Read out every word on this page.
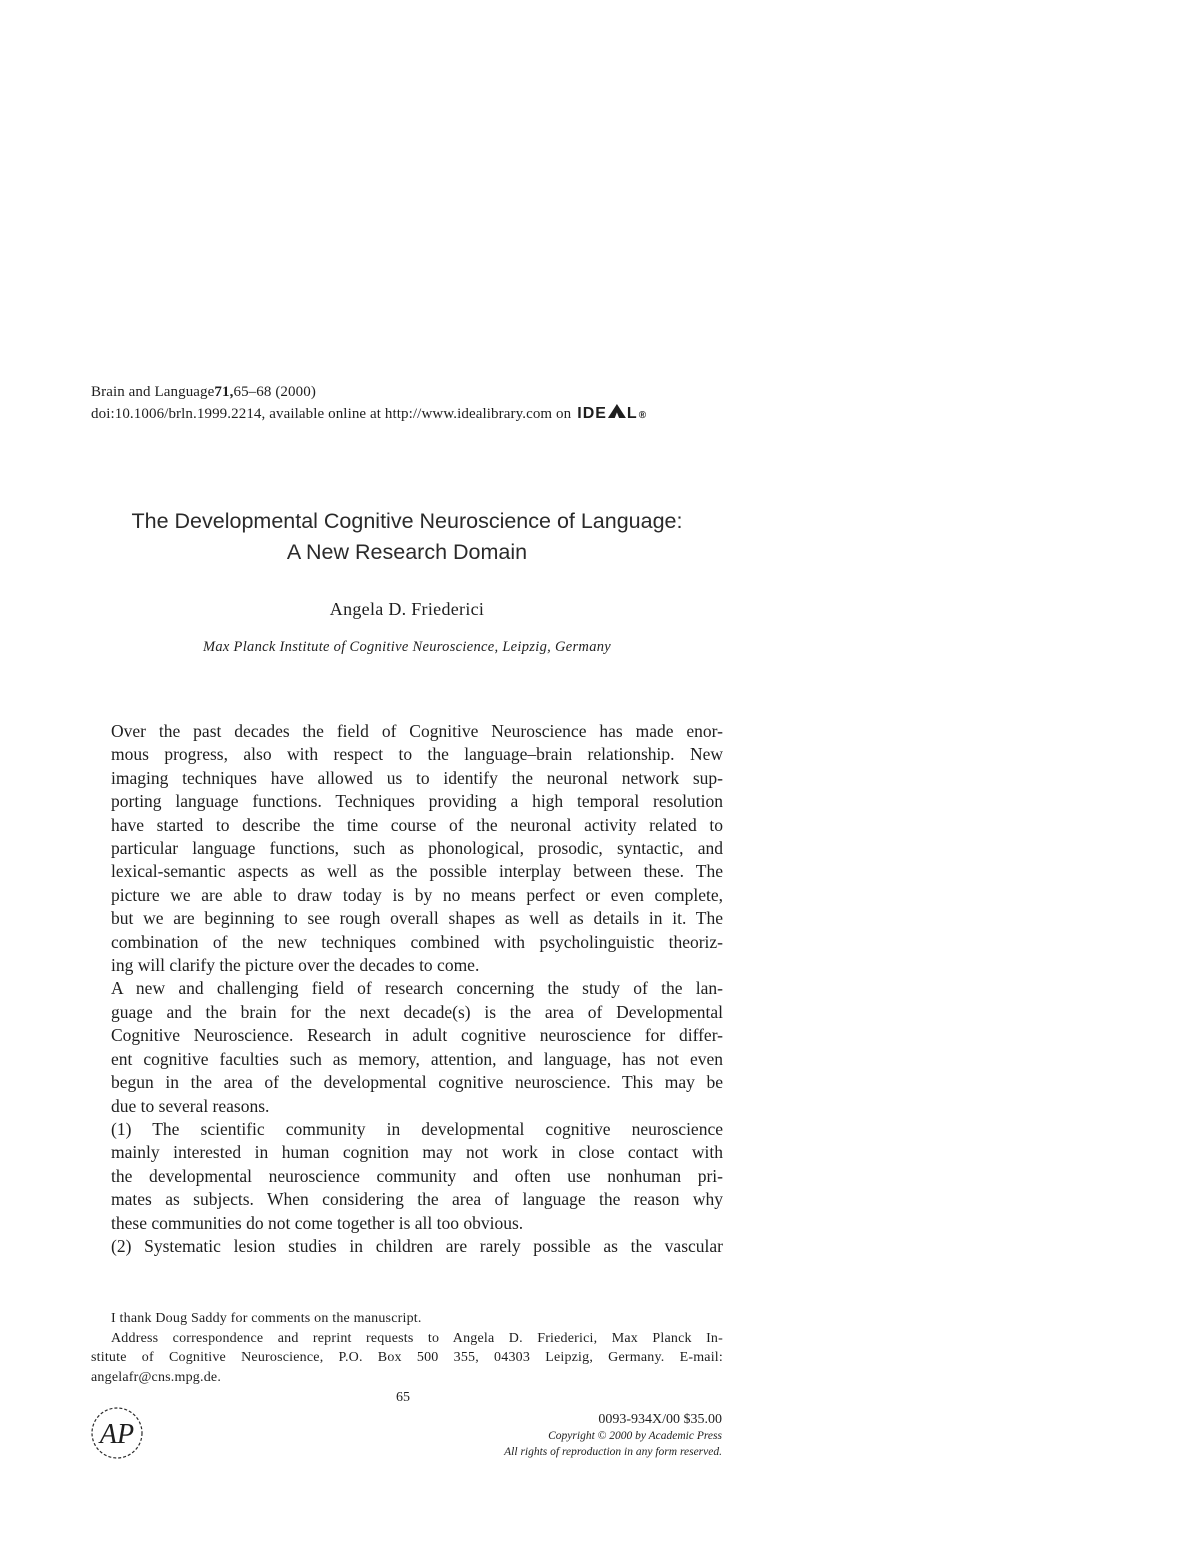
Brain and Language 71, 65–68 (2000)
doi:10.1006/brln.1999.2214, available online at http://www.idealibrary.com on IDE L ®
The Developmental Cognitive Neuroscience of Language:
A New Research Domain
Angela D. Friederici
Max Planck Institute of Cognitive Neuroscience, Leipzig, Germany
Over the past decades the field of Cognitive Neuroscience has made enor-
mous progress, also with respect to the language–brain relationship. New
imaging techniques have allowed us to identify the neuronal network sup-
porting language functions. Techniques providing a high temporal resolution
have started to describe the time course of the neuronal activity related to
particular language functions, such as phonological, prosodic, syntactic, and
lexical-semantic aspects as well as the possible interplay between these. The
picture we are able to draw today is by no means perfect or even complete,
but we are beginning to see rough overall shapes as well as details in it. The
combination of the new techniques combined with psycholinguistic theoriz-
ing will clarify the picture over the decades to come.
A new and challenging field of research concerning the study of the lan-
guage and the brain for the next decade(s) is the area of Developmental
Cognitive Neuroscience. Research in adult cognitive neuroscience for differ-
ent cognitive faculties such as memory, attention, and language, has not even
begun in the area of the developmental cognitive neuroscience. This may be
due to several reasons.
(1) The scientific community in developmental cognitive neuroscience
mainly interested in human cognition may not work in close contact with
the developmental neuroscience community and often use nonhuman pri-
mates as subjects. When considering the area of language the reason why
these communities do not come together is all too obvious.
(2) Systematic lesion studies in children are rarely possible as the vascular
I thank Doug Saddy for comments on the manuscript.
Address correspondence and reprint requests to Angela D. Friederici, Max Planck In-
stitute of Cognitive Neuroscience, P.O. Box 500 355, 04303 Leipzig, Germany. E-mail:
angelafr@cns.mpg.de.
65
AP	0093-934X/00 $35.00
Copyright © 2000 by Academic Press
All rights of reproduction in any form reserved.
